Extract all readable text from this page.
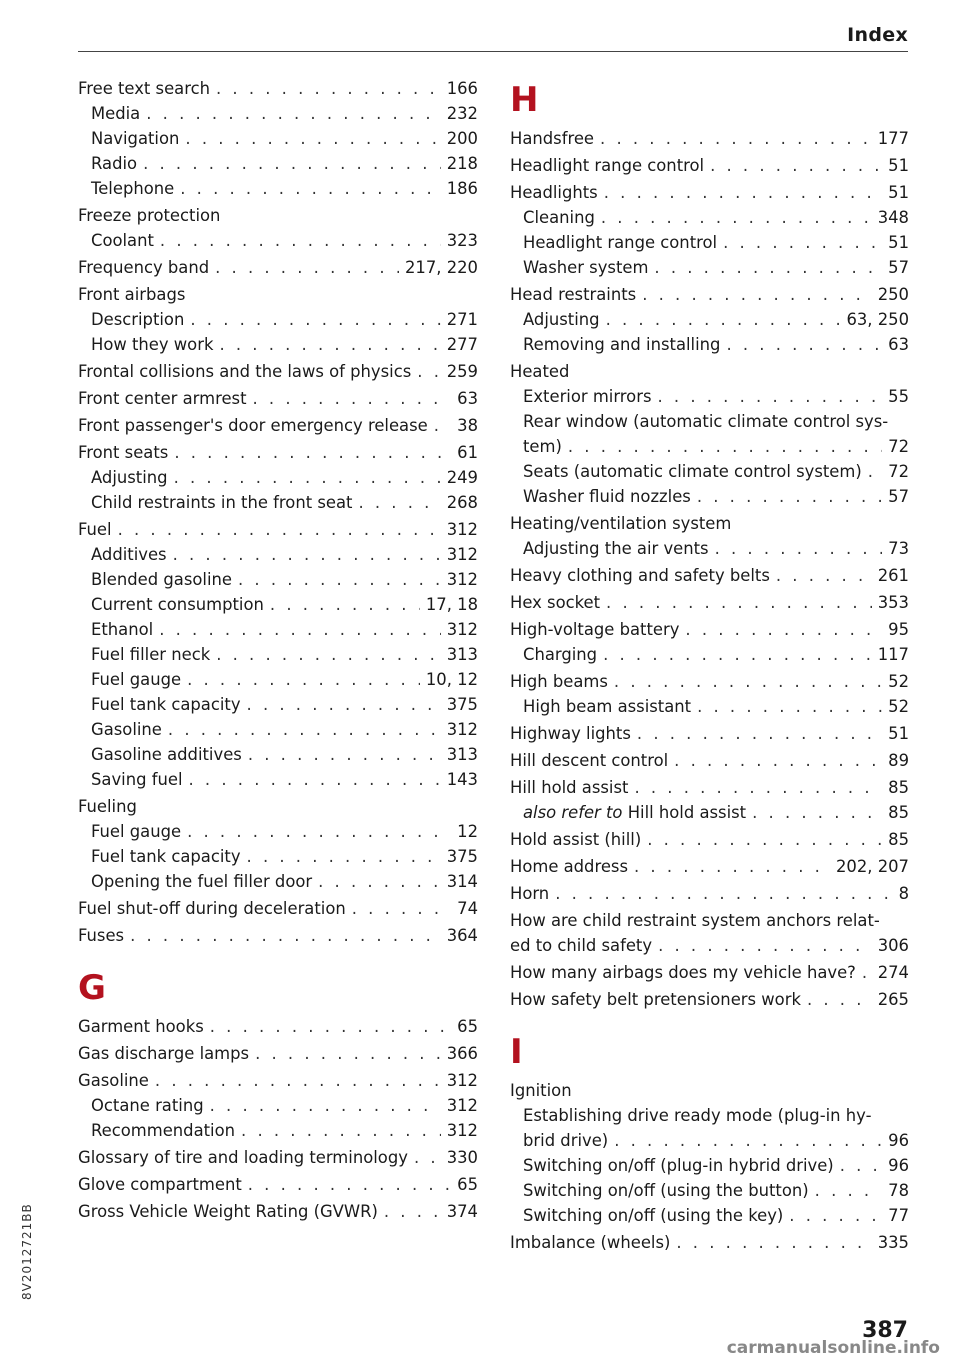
Index
Free text search . . .	166
Media . . .	232
Navigation . . .	200
Radio . . .	218
Telephone . . .	186
Freeze protection
Coolant . . .	323
Frequency band . . .	217, 220
Front airbags
Description . . .	271
How they work . . .	277
Frontal collisions and the laws of physics . . . 259
Front center armrest . . .	63
Front passenger's door emergency release . . . 38
Front seats . . .	61
Adjusting . . .	249
Child restraints in the front seat . . .	268
Fuel . . .	312
Additives . . .	312
Blended gasoline . . .	312
Current consumption . . .	17, 18
Ethanol . . .	312
Fuel filler neck . . .	313
Fuel gauge . . .	10, 12
Fuel tank capacity . . .	375
Gasoline . . .	312
Gasoline additives . . .	313
Saving fuel . . .	143
Fueling
Fuel gauge . . .	12
Fuel tank capacity . . .	375
Opening the fuel filler door . . .	314
Fuel shut-off during deceleration . . .	74
Fuses . . .	364
G
Garment hooks . . .	65
Gas discharge lamps . . .	366
Gasoline . . .	312
Octane rating . . .	312
Recommendation . . .	312
Glossary of tire and loading terminology . . . 330
Glove compartment . . .	65
Gross Vehicle Weight Rating (GVWR) . . .	374
H
Handsfree . . .	177
Headlight range control . . .	51
Headlights . . .	51
Cleaning . . .	348
Headlight range control . . .	51
Washer system . . .	57
Head restraints . . .	250
Adjusting . . .	63, 250
Removing and installing . . .	63
Heated
Exterior mirrors . . .	55
Rear window (automatic climate control sys-
tem) . . .	72
Seats (automatic climate control system) . . . 72
Washer fluid nozzles . . .	57
Heating/ventilation system
Adjusting the air vents . . .	73
Heavy clothing and safety belts . . .	261
Hex socket . . .	353
High-voltage battery . . .	95
Charging . . .	117
High beams . . .	52
High beam assistant . . .	52
Highway lights . . .	51
Hill descent control . . .	89
Hill hold assist . . .	85
also refer to Hill hold assist . . .	85
Hold assist (hill) . . .	85
Home address . . .	202, 207
Horn . . .	8
How are child restraint system anchors relat-
ed to child safety . . .	306
How many airbags does my vehicle have? . . . 274
How safety belt pretensioners work . . .	265
I
Ignition
Establishing drive ready mode (plug-in hy-
brid drive) . . .	96
Switching on/off (plug-in hybrid drive) . . .	96
Switching on/off (using the button) . . .	78
Switching on/off (using the key) . . .	77
Imbalance (wheels) . . .	335
8V2012721BB
387
carmanualsonline.info
